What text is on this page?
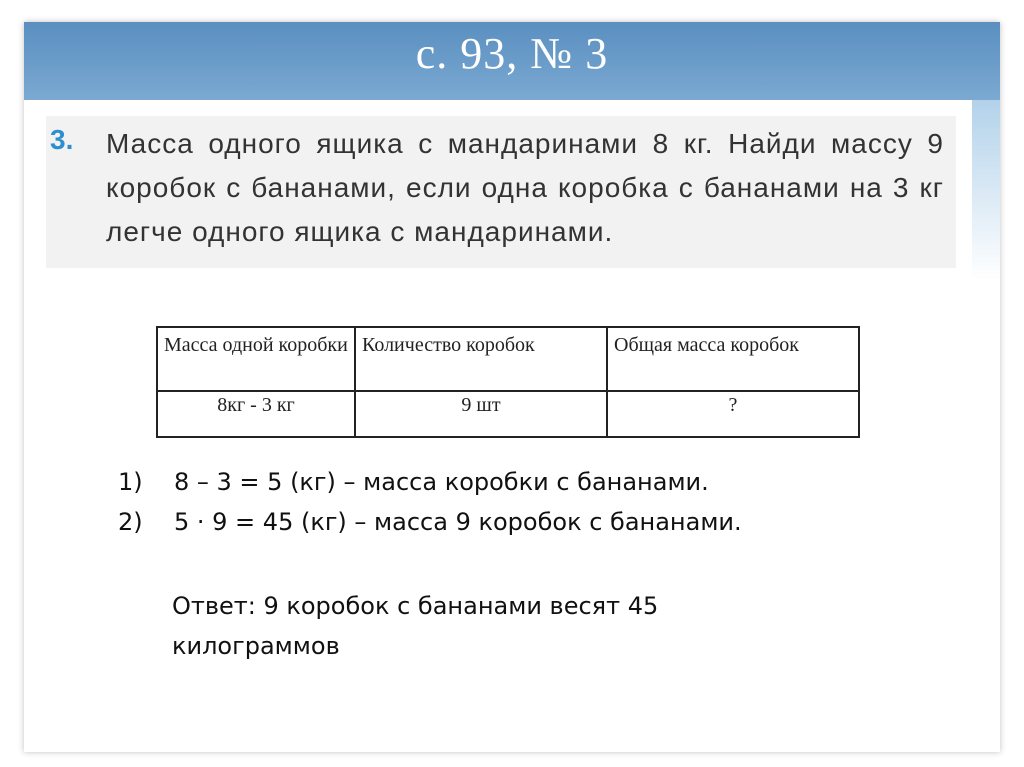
с. 93, № 3
3. Масса одного ящика с мандаринами 8 кг. Найди массу 9 коробок с бананами, если одна коробка с бананами на 3 кг легче одного ящика с мандаринами.
Масса одной коробки	Количество коробок	Общая масса коробок
8кг - 3 кг	9 шт	?
1)	8 – 3 = 5 (кг) – масса коробки с бананами.
2)	5 · 9 = 45 (кг) – масса 9 коробок с бананами.
Ответ: 9 коробок с бананами весят 45 килограммов
